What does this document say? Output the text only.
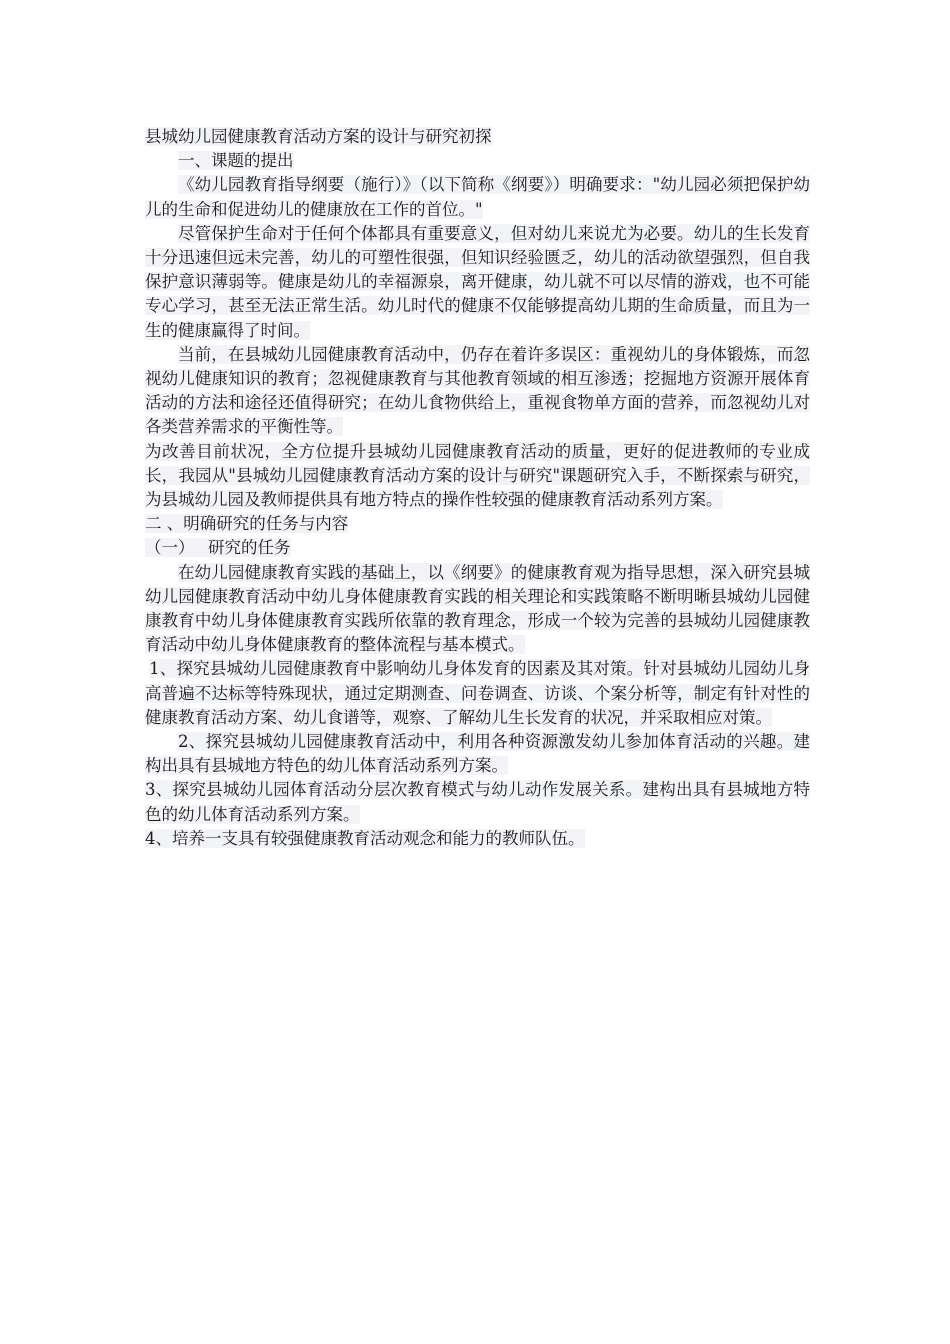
县城幼儿园健康教育活动方案的设计与研究初探

一、课题的提出

《幼儿园教育指导纲要（施行）》（以下简称《纲要》）明确要求："幼儿园必须把保护幼儿的生命和促进幼儿的健康放在工作的首位。"

尽管保护生命对于任何个体都具有重要意义，但对幼儿来说尤为必要。幼儿的生长发育十分迅速但远未完善，幼儿的可塑性很强，但知识经验匮乏，幼儿的活动欲望强烈，但自我保护意识薄弱等。健康是幼儿的幸福源泉，离开健康，幼儿就不可以尽情的游戏，也不可能专心学习，甚至无法正常生活。幼儿时代的健康不仅能够提高幼儿期的生命质量，而且为一生的健康赢得了时间。

当前，在县城幼儿园健康教育活动中，仍存在着许多误区：重视幼儿的身体锻炼，而忽视幼儿健康知识的教育；忽视健康教育与其他教育领域的相互渗透；挖掘地方资源开展体育活动的方法和途径还值得研究；在幼儿食物供给上，重视食物单方面的营养，而忽视幼儿对各类营养需求的平衡性等。

为改善目前状况，全方位提升县城幼儿园健康教育活动的质量，更好的促进教师的专业成长，我园从"县城幼儿园健康教育活动方案的设计与研究"课题研究入手，不断探索与研究，为县城幼儿园及教师提供具有地方特点的操作性较强的健康教育活动系列方案。

二 、明确研究的任务与内容

（一）　 研究的任务

在幼儿园健康教育实践的基础上，以《纲要》的健康教育观为指导思想，深入研究县城幼儿园健康教育活动中幼儿身体健康教育实践的相关理论和实践策略不断明晰县城幼儿园健康教育中幼儿身体健康教育实践所依靠的教育理念，形成一个较为完善的县城幼儿园健康教育活动中幼儿身体健康教育的整体流程与基本模式。

1、探究县城幼儿园健康教育中影响幼儿身体发育的因素及其对策。针对县城幼儿园幼儿身高普遍不达标等特殊现状，通过定期测查、问卷调查、访谈、个案分析等，制定有针对性的健康教育活动方案、幼儿食谱等，观察、了解幼儿生长发育的状况，并采取相应对策。

2、探究县城幼儿园健康教育活动中，利用各种资源激发幼儿参加体育活动的兴趣。建构出具有县城地方特色的幼儿体育活动系列方案。

3、探究县城幼儿园体育活动分层次教育模式与幼儿动作发展关系。建构出具有县城地方特色的幼儿体育活动系列方案。

4、培养一支具有较强健康教育活动观念和能力的教师队伍。
